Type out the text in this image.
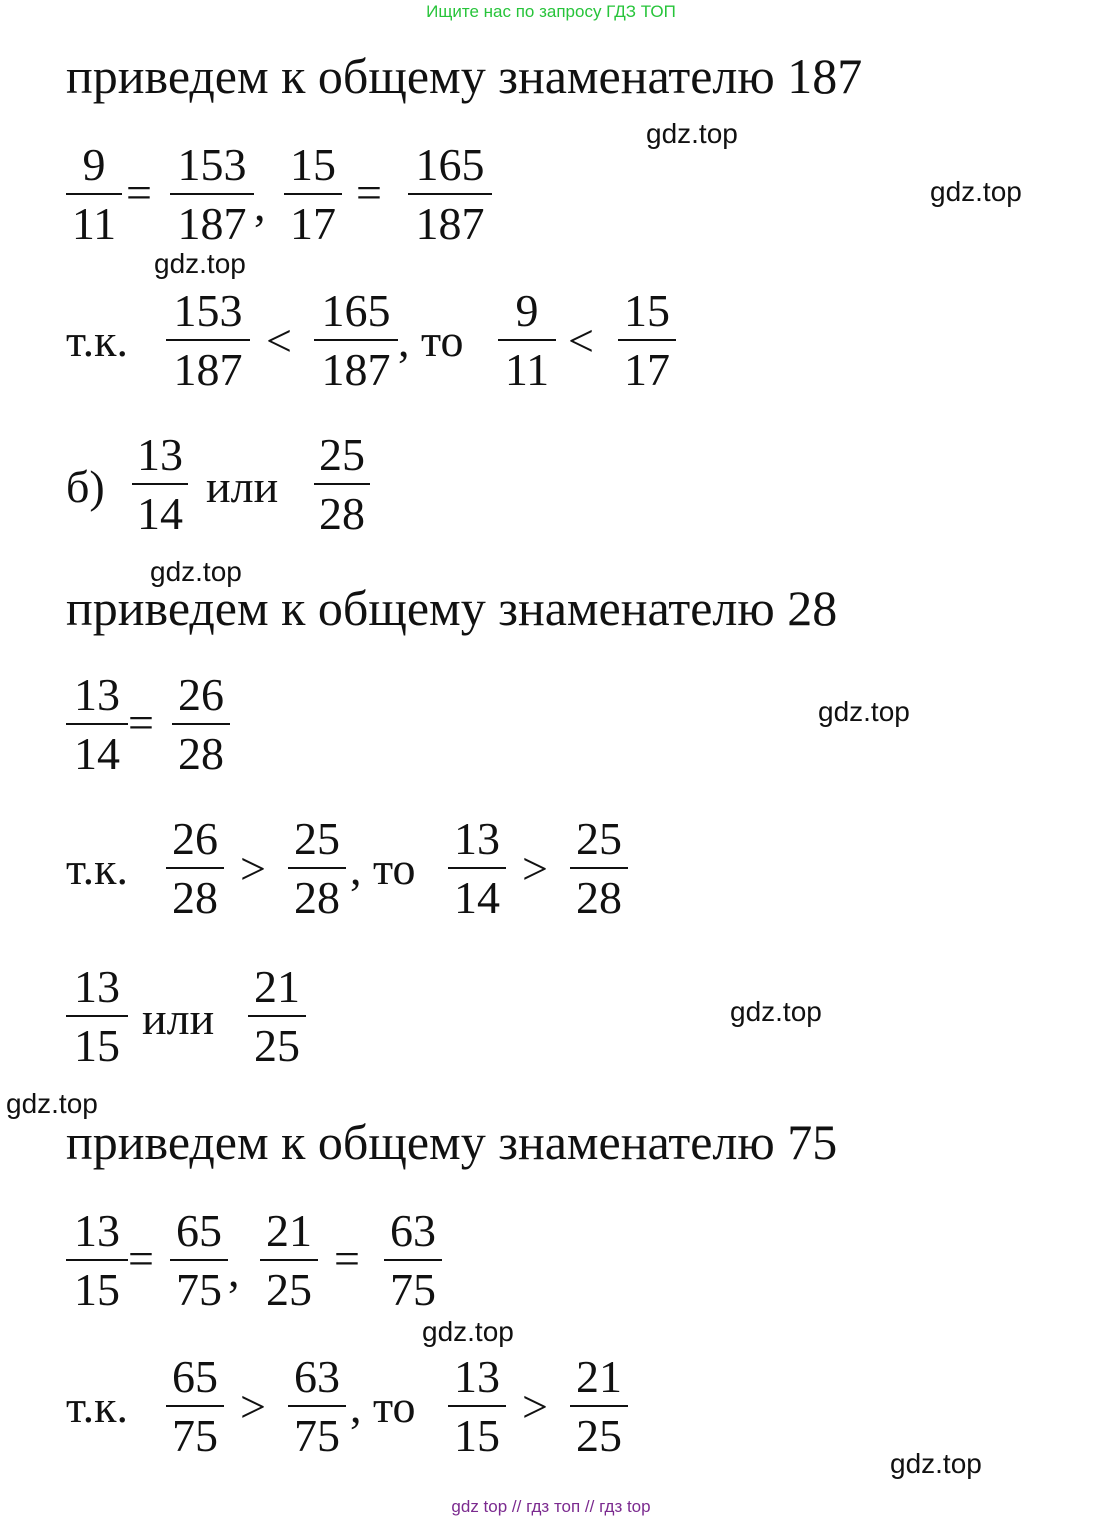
Ищите нас по запросу ГДЗ ТОП
приведем к общему знаменателю 187
9
11
=
153
187 ,
15
17
=
165
187
т.к.
153
187
<
165
187
, то
9
11
<
15
17
б)
13
14
или
25
28
приведем к общему знаменателю 28
13
14
=
26
28
т.к.
26
28
>
25
28
, то
13
14
>
25
28
13
15
или
21
25
приведем к общему знаменателю 75
13
15
=
65
75 ,
21
25
=
63
75
т.к.
65
75
>
63
75
, то
13
15
>
21
25
gdz.top
gdz.top
gdz.top
gdz.top
gdz.top
gdz.top
gdz.top
gdz.top
gdz.top
gdz top // гдз топ // гдз top
